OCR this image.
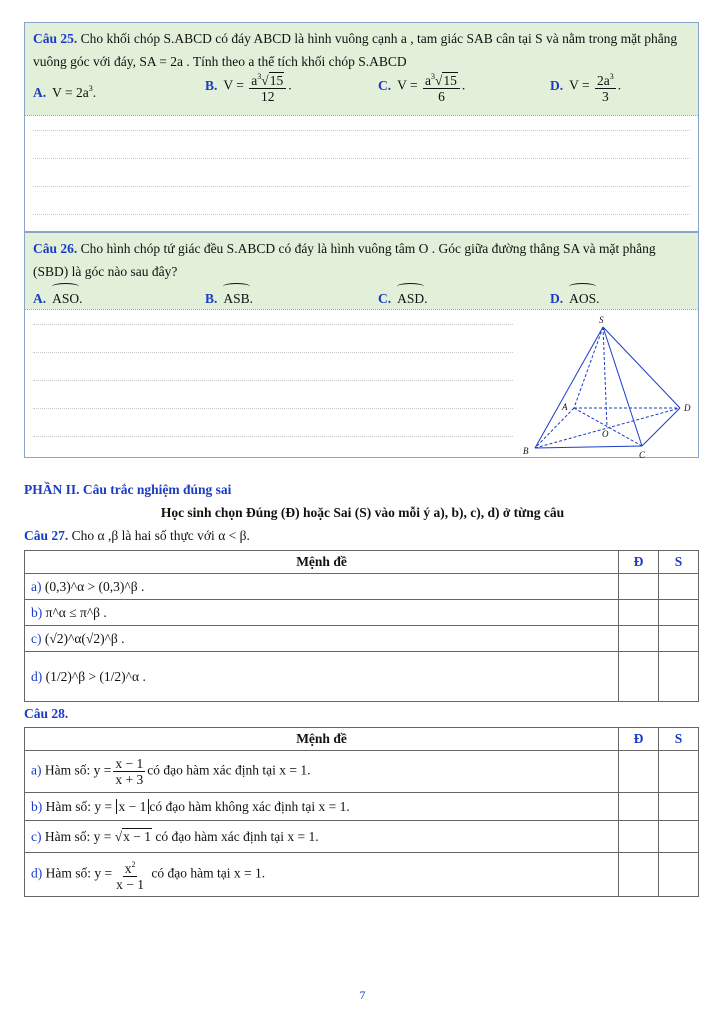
Câu 25. Cho khối chóp S.ABCD có đáy ABCD là hình vuông cạnh a , tam giác SAB cân tại S và nằm trong mặt phẳng vuông góc với đáy, SA = 2a . Tính theo a thể tích khối chóp S.ABCD
A. $V = 2a^3$.	B. $V = \frac{a^3√15}{12}$ .	C. $V = \frac{a^3√15}{6}$ .	D. $V = \frac{2a^3}{3}$ .
Câu 26. Cho hình chóp tứ giác đều S.ABCD có đáy là hình vuông tâm O . Góc giữa đường thẳng SA và mặt phẳng (SBD) là góc nào sau đây?
A. ASO.	B. ASB.	C. ASD.	D. AOS.
S
A
B	C
D
O
PHẦN II. Câu trắc nghiệm đúng sai
Học sinh chọn Đúng (Đ) hoặc Sai (S) vào mỗi ý a), b), c), d) ở từng câu
Câu 27. Cho α ,β là hai số thực với α < β.
Mệnh đề	Đ	S
a) (0,3)^α > (0,3)^β .		
b) π^α ≤ π^β .		
c) (√2)^α(√2)^β .		
d) (1/2)^β > (1/2)^α .		
Câu 28.
Mệnh đề	Đ	S
a) Hàm số: $y = \frac{x - 1}{x + 3}$ có đạo hàm xác định tại x = 1.		
b) Hàm số: y = x − 1 có đạo hàm không xác định tại x = 1.		
c) Hàm số: y = √x − 1 có đạo hàm xác định tại x = 1.		
d) Hàm số: $y = \frac{x^2}{x - 1}$ có đạo hàm tại x = 1.		
7
